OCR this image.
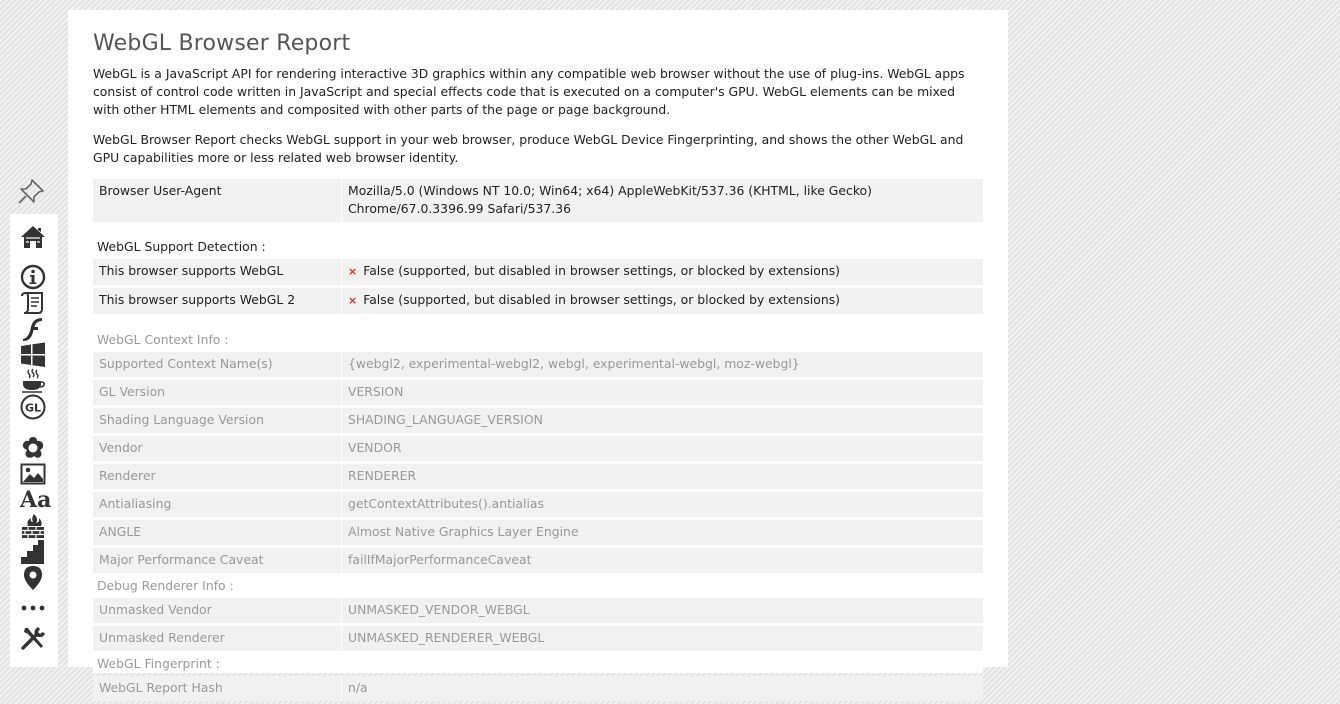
GL
Aa
WebGL Browser Report

WebGL is a JavaScript API for rendering interactive 3D graphics within any compatible web browser without the use of plug-ins. WebGL apps consist of control code written in JavaScript and special effects code that is executed on a computer's GPU. WebGL elements can be mixed with other HTML elements and composited with other parts of the page or page background.

WebGL Browser Report checks WebGL support in your web browser, produce WebGL Device Fingerprinting, and shows the other WebGL and GPU capabilities more or less related web browser identity.

Browser User-Agent	Mozilla/5.0 (Windows NT 10.0; Win64; x64) AppleWebKit/537.36 (KHTML, like Gecko) Chrome/67.0.3396.99 Safari/537.36
WebGL Support Detection :	
This browser supports WebGL	× False (supported, but disabled in browser settings, or blocked by extensions)
This browser supports WebGL 2	× False (supported, but disabled in browser settings, or blocked by extensions)
WebGL Context Info :	
Supported Context Name(s)	{webgl2, experimental-webgl2, webgl, experimental-webgl, moz-webgl}
GL Version	VERSION
Shading Language Version	SHADING_LANGUAGE_VERSION
Vendor	VENDOR
Renderer	RENDERER
Antialiasing	getContextAttributes().antialias
ANGLE	Almost Native Graphics Layer Engine
Major Performance Caveat	failIfMajorPerformanceCaveat
Debug Renderer Info :	
Unmasked Vendor	UNMASKED_VENDOR_WEBGL
Unmasked Renderer	UNMASKED_RENDERER_WEBGL
WebGL Fingerprint :	
WebGL Report Hash	n/a
